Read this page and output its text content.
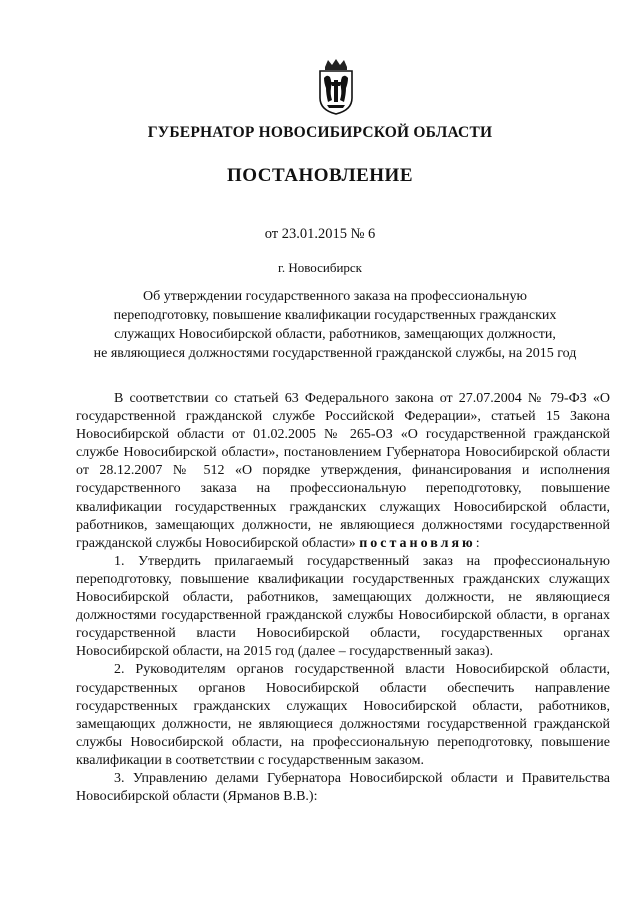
ГУБЕРНАТОР НОВОСИБИРСКОЙ ОБЛАСТИ
ПОСТАНОВЛЕНИЕ
от 23.01.2015 № 6
г. Новосибирск
Об утверждении государственного заказа на профессиональную
переподготовку, повышение квалификации государственных гражданских
служащих Новосибирской области, работников, замещающих должности,
не являющиеся должностями государственной гражданской службы, на 2015 год

В соответствии со статьей 63 Федерального закона от 27.07.2004 № 79-ФЗ «О государственной гражданской службе Российской Федерации», статьей 15 Закона Новосибирской области от 01.02.2005 № 265-ОЗ «О государственной гражданской службе Новосибирской области», постановлением Губернатора Новосибирской области от 28.12.2007 № 512 «О порядке утверждения, финансирования и исполнения государственного заказа на профессиональную переподготовку, повышение квалификации государственных гражданских служащих Новосибирской области, работников, замещающих должности, не являющиеся должностями государственной гражданской службы Новосибирской области» постановляю:

1. Утвердить прилагаемый государственный заказ на профессиональную переподготовку, повышение квалификации государственных гражданских служащих Новосибирской области, работников, замещающих должности, не являющиеся должностями государственной гражданской службы Новосибирской области, в органах государственной власти Новосибирской области, государственных органах Новосибирской области, на 2015 год (далее – государственный заказ).

2. Руководителям органов государственной власти Новосибирской области, государственных органов Новосибирской области обеспечить направление государственных гражданских служащих Новосибирской области, работников, замещающих должности, не являющиеся должностями государственной гражданской службы Новосибирской области, на профессиональную переподготовку, повышение квалификации в соответствии с государственным заказом.

3. Управлению делами Губернатора Новосибирской области и Правительства Новосибирской области (Ярманов В.В.):
